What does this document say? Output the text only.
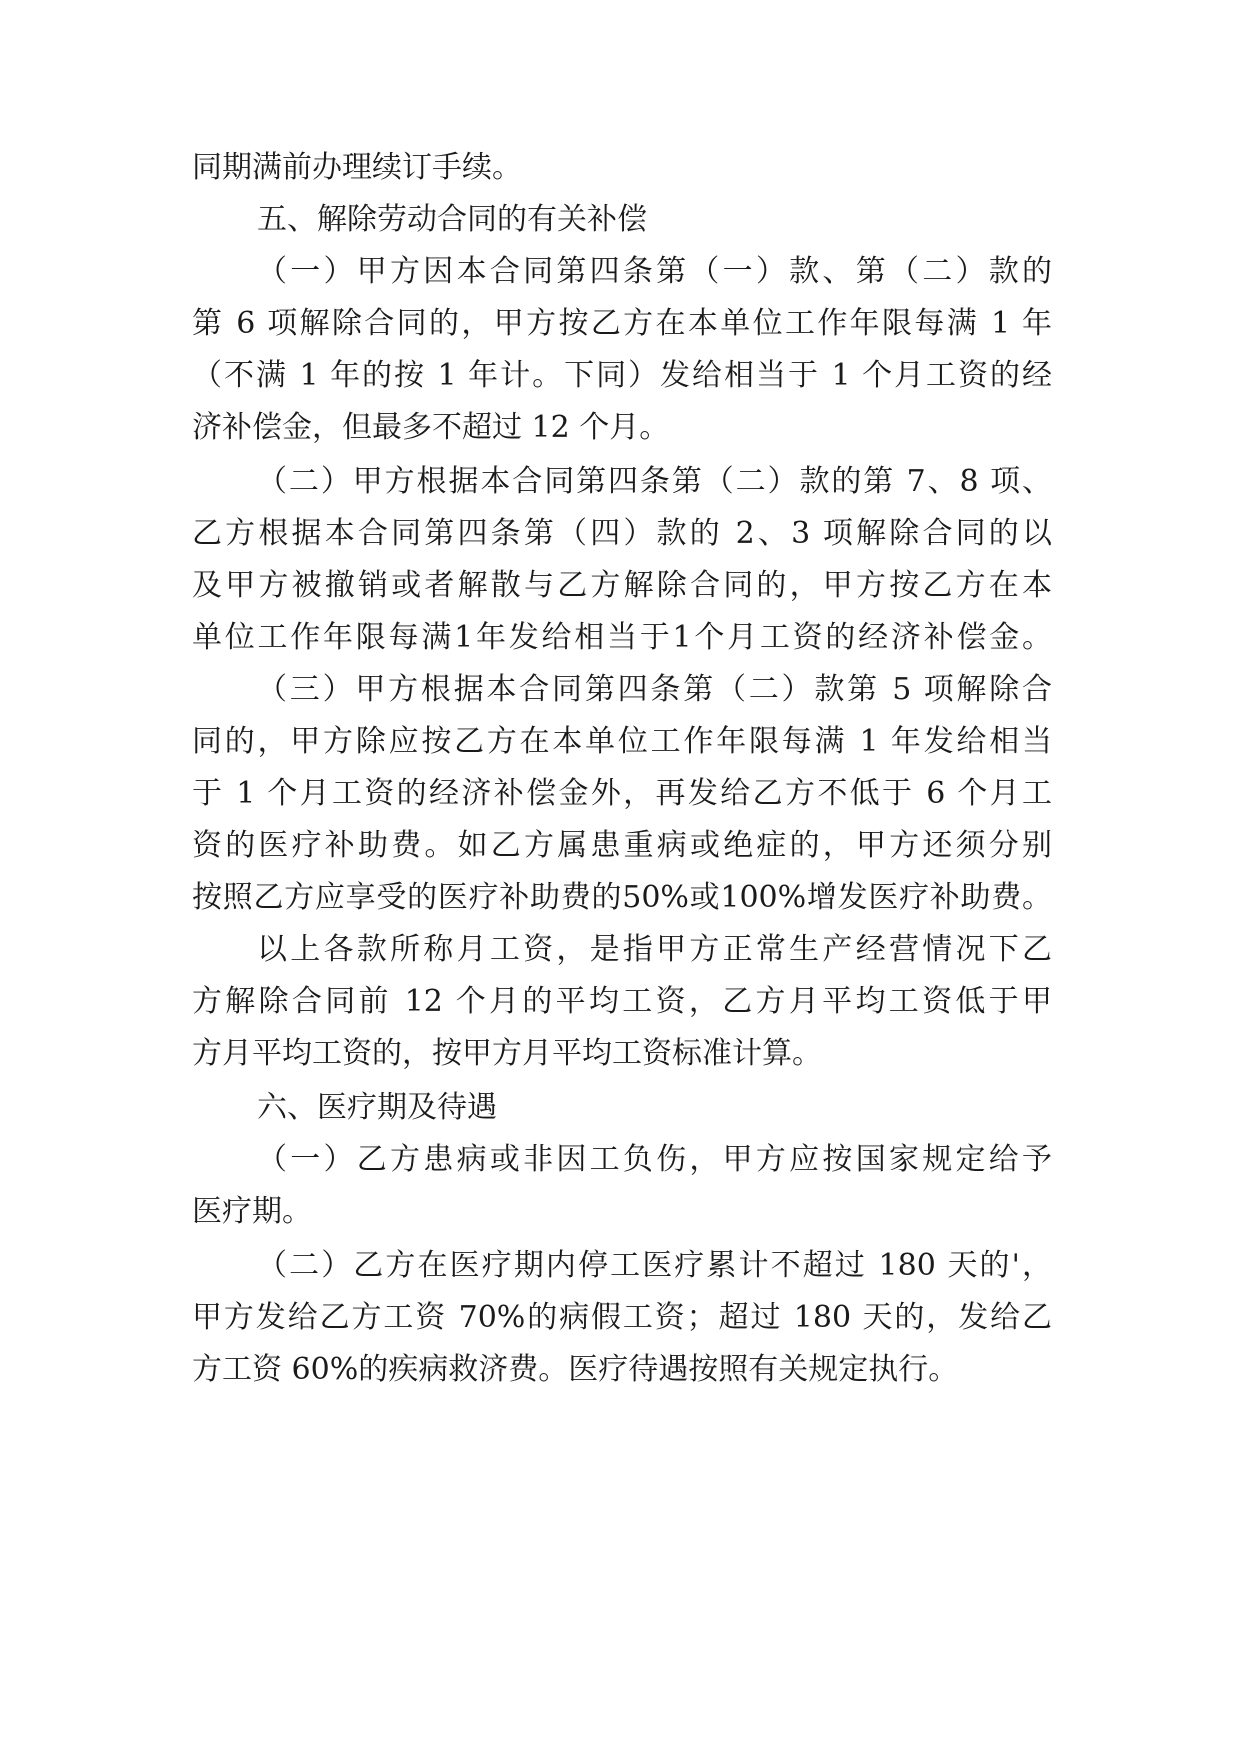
同期满前办理续订手续。
五、解除劳动合同的有关补偿
（一）甲方因本合同第四条第（一）款、第（二）款的
第 6 项解除合同的，甲方按乙方在本单位工作年限每满 1 年
（不满 1 年的按 1 年计。下同）发给相当于 1 个月工资的经
济补偿金，但最多不超过 12 个月。
（二）甲方根据本合同第四条第（二）款的第 7、8 项、
乙方根据本合同第四条第（四）款的 2、3 项解除合同的以
及甲方被撤销或者解散与乙方解除合同的，甲方按乙方在本
单位工作年限每满1年发给相当于1个月工资的经济补偿金。
（三）甲方根据本合同第四条第（二）款第 5 项解除合
同的，甲方除应按乙方在本单位工作年限每满 1 年发给相当
于 1 个月工资的经济补偿金外，再发给乙方不低于 6 个月工
资的医疗补助费。如乙方属患重病或绝症的，甲方还须分别
按照乙方应享受的医疗补助费的50%或100%增发医疗补助费。
以上各款所称月工资，是指甲方正常生产经营情况下乙
方解除合同前 12 个月的平均工资，乙方月平均工资低于甲
方月平均工资的，按甲方月平均工资标准计算。
六、医疗期及待遇
（一）乙方患病或非因工负伤，甲方应按国家规定给予
医疗期。
（二）乙方在医疗期内停工医疗累计不超过 180 天的'，
甲方发给乙方工资 70%的病假工资；超过 180 天的，发给乙
方工资 60%的疾病救济费。医疗待遇按照有关规定执行。
